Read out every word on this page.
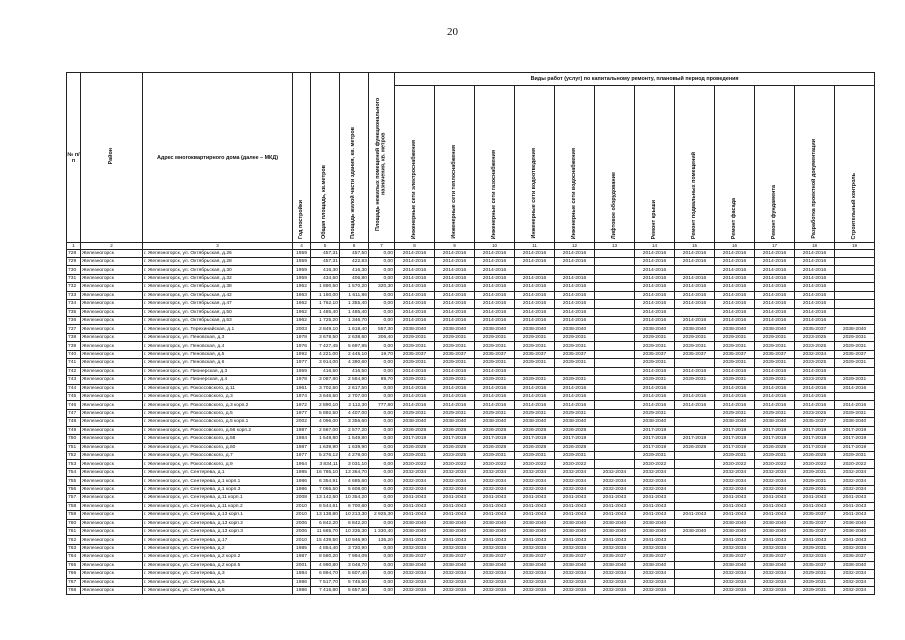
20
№ п/п	Район	Адрес многоквартирного дома (далее – МКД)	Год постройки	Общая площадь, кв.метров	Площадь жилой части здания, кв. метров	Площадь нежилых помещений функционального назначения, кв. метров	Виды работ (услуг) по капитальному ремонту, плановый период проведения											

							Инженерные сети электроснабжения	Инженерные сети теплоснабжения	Инженерные сети газоснабжения	Инженерные сети водоотведения	Инженерные сети водоснабжения	Лифтовое оборудование	Ремонт крыши	Ремонт подвальных помещений	Ремонт фасада	Ремонт фундамента	Разработка проектной документации	Строительный контроль

1	2	3	4	5	6	7	8	9	10	11	12	13	14	15	16	17	18	19
728	Железногорск	г. Железногорск, ул. Октябрьская, д.26	1959	457,31	457,50	0,00	2014-2016	2014-2016	2014-2016	2014-2016	2014-2016		2014-2016	2014-2016	2014-2016	2014-2016	2014-2016	
729	Железногорск	г. Железногорск, ул. Октябрьская, д.28	1959	457,31	422,83	0,00	2014-2016	2014-2016	2014-2016	2014-2016	2014-2016		2014-2016	2014-2016	2014-2016	2014-2016	2014-2016	
730	Железногорск	г. Железногорск, ул. Октябрьская, д.30	1959	416,30	416,30	0,00	2014-2016	2014-2016	2014-2016				2014-2016		2014-2016	2014-2016	2014-2016	
731	Железногорск	г. Железногорск, ул. Октябрьская, д.32	1959	434,50	406,80	0,00	2014-2016	2014-2016	2014-2016	2014-2016	2014-2016		2014-2016	2014-2016	2014-2016	2014-2016	2014-2016	
732	Железногорск	г. Железногорск, ул. Октябрьская, д.38	1962	1 890,50	1 570,20	320,30	2014-2016	2014-2016	2014-2016	2014-2016	2014-2016		2014-2016	2014-2016	2014-2016	2014-2016	2014-2016	
733	Железногорск	г. Железногорск, ул. Октябрьская, д.42	1963	1 150,00	1 611,86	0,00	2014-2016	2014-2016	2014-2016	2014-2016	2014-2016		2014-2016	2014-2016	2014-2016	2014-2016	2014-2016	
734	Железногорск	г. Железногорск, ул. Октябрьская, д.47	1962	1 762,10	1 355,40	0,00	2014-2016	2014-2016	2014-2016	2014-2016	2014-2016		2014-2016	2014-2016	2014-2016	2014-2016	2014-2016	
735	Железногорск	г. Железногорск, ул. Октябрьская, д.50	1962	1 485,40	1 485,40	0,00	2014-2016	2014-2016	2014-2016	2014-2016	2014-2016		2014-2016		2014-2016	2014-2016	2014-2016	
736	Железногорск	г. Железногорск, ул. Октябрьская, д.53	1962	1 725,20	1 346,70	0,00	2014-2016	2014-2016	2014-2016	2014-2016	2014-2016		2014-2016	2014-2016	2014-2016	2014-2016	2014-2016	
737	Железногорск	г. Железногорск, ул. Терехинайская, д.1	2003	2 849,10	1 618,40	557,30	2038-2040	2038-2040	2038-2040	2038-2040	2038-2040		2038-2040	2038-2040	2038-2040	2038-2040	2035-2037	2038-2040
738	Железногорск	г. Железногорск, ул. Пеновская, д.3	1978	3 678,50	2 638,60	306,40	2029-2031	2029-2031	2029-2031	2029-2031	2029-2031		2029-2031	2029-2031	2029-2031	2029-2031	2023-2025	2029-2031
739	Железногорск	г. Железногорск, ул. Пеновская, д.4	1976	7 427,45	5 697,85	0,00	2029-2031	2029-2031	2029-2031	2029-2031	2029-2031		2029-2031	2029-2031	2029-2031	2029-2031	2023-2025	2029-2031
740	Железногорск	г. Железногорск, ул. Пеновская, д.5	1992	4 221,00	2 445,10	19,70	2035-2037	2035-2037	2035-2037	2035-2037	2035-2037		2035-2037	2035-2037	2035-2037	2035-2037	2032-2034	2035-2037
741	Железногорск	г. Железногорск, ул. Пеновская, д.6	1977	3 914,00	4 390,60	0,00	2029-2031	2029-2031	2029-2031	2029-2031	2029-2031		2029-2031		2029-2031	2029-2031	2023-2025	2029-2031
742	Железногорск	г. Железногорск, ул. Пионерская, д.3	1959	416,50	416,50	0,00	2014-2016	2014-2016	2014-2016				2014-2016	2014-2016	2014-2016	2014-2016	2014-2016	
743	Железногорск	г. Железногорск, ул. Пионерская, д.4	1978	3 087,80	2 584,90	89,70	2029-2031	2029-2031	2029-2031	2029-2031	2029-2031		2029-2031	2029-2031	2029-2031	2029-2031	2023-2025	2029-2031
744	Железногорск	г. Железногорск, ул. Рокоссовского, д.11	1961	3 702,50	2 617,50	0,00	2014-2016	2014-2016	2014-2016	2014-2016	2014-2016		2014-2016		2014-2016	2014-2016	2014-2016	2014-2016
745	Железногорск	г. Железногорск, ул. Рокоссовского, д.3	1974	3 646,50	2 707,00	0,00	2014-2016	2014-2016	2014-2016	2014-2016	2014-2016		2014-2016	2014-2016	2014-2016	2014-2016	2014-2016	
746	Железногорск	г. Железногорск, ул. Рокоссовского, д.3 корп.2	1972	2 890,10	2 112,30	777,80	2014-2016	2014-2016	2014-2016	2014-2016	2014-2016		2014-2016	2014-2016	2014-2016	2014-2016	2014-2016	2014-2016
747	Железногорск	г. Железногорск, ул. Рокоссовского, д.5	1977	5 892,50	4 407,00	0,00	2029-2031	2029-2031	2029-2031	2029-2031	2029-2031		2029-2031		2029-2031	2029-2031	2023-2025	2029-2031
748	Железногорск	г. Железногорск, ул. Рокоссовского, д.5 корп.1	2002	4 096,00	3 356,60	0,00	2038-2040	2038-2040	2038-2040	2038-2040	2038-2040		2038-2040		2038-2040	2038-2040	2035-2037	2038-2040
749	Железногорск	г. Железногорск, ул. Рокоссовского, д.56 корп.2	1987	2 667,00	2 577,20	0,00	2026-2028	2026-2028	2026-2028	2026-2028	2026-2028		2017-2019		2017-2019	2017-2019	2017-2019	2017-2019
750	Железногорск	г. Железногорск, ул. Рокоссовского, д.58	1984	1 549,80	1 549,80	0,00	2017-2019	2017-2019	2017-2019	2017-2019	2017-2019		2017-2019	2017-2019	2017-2019	2017-2019	2017-2019	2017-2019
751	Железногорск	г. Железногорск, ул. Рокоссовского, д.60	1987	1 639,90	1 639,90	0,00	2026-2028	2026-2028	2026-2028	2026-2028	2026-2028		2017-2019	2026-2028	2017-2019	2026-2028	2017-2019	2017-2019
752	Железногорск	г. Железногорск, ул. Рокоссовского, д.7	1977	5 276,12	4 278,00	0,00	2029-2031	2023-2025	2029-2031	2029-2031	2029-2031		2029-2031		2029-2031	2029-2031	2026-2028	2029-2031
753	Железногорск	г. Железногорск, ул. Рокоссовского, д.9	1964	3 834,11	3 031,10	0,00	2020-2022	2020-2022	2020-2022	2020-2022	2020-2022		2020-2022		2020-2022	2020-2022	2020-2022	2020-2022
754	Железногорск	г. Железногорск, ул. Сентерева, д.1	1985	16 785,10	13 364,70	0,00	2032-2034	2032-2034	2032-2034	2032-2034	2032-2034	2032-2034	2032-2034		2032-2034	2032-2034	2029-2031	2032-2034
755	Железногорск	г. Железногорск, ул. Сентерева, д.1 корп.1	1986	6 354,91	4 685,60	0,00	2032-2034	2032-2034	2032-2034	2032-2034	2032-2034	2032-2034	2032-2034		2032-2034	2032-2034	2029-2031	2032-2034
756	Железногорск	г. Железногорск, ул. Сентерева, д.1 корп.3	1986	7 065,50	5 608,00	0,00	2032-2034	2032-2034	2032-2034	2032-2034	2032-2034	2032-2034	2032-2034		2032-2034	2032-2034	2029-2031	2032-2034
757	Железногорск	г. Железногорск, ул. Сентерева, д.11 корп.1	2008	13 142,50	10 354,20	0,00	2041-2043	2041-2043	2041-2043	2041-2043	2041-2043	2041-2043	2041-2043		2041-2043	2041-2043	2041-2043	2041-2043
758	Железногорск	г. Железногорск, ул. Сентерева, д.11 корп.2	2010	8 544,61	6 700,60	0,00	2041-2043	2041-2043	2041-2043	2041-2043	2041-2043	2041-2043	2041-2043		2041-2043	2041-2043	2041-2043	2041-2043
759	Железногорск	г. Железногорск, ул. Сентерева, д.13 корп.1	2010	13 138,80	10 213,30	2 925,30	2041-2043	2041-2043	2041-2043	2041-2043	2041-2043	2041-2043	2041-2043	2041-2043	2041-2043	2041-2043	2035-2037	2041-2043
760	Железногорск	г. Железногорск, ул. Сентерева, д.13 корп.2	2006	6 842,20	6 842,20	0,00	2038-2040	2038-2040	2038-2040	2038-2040	2038-2040	2038-2040	2038-2040		2038-2040	2038-2040	2035-2037	2038-2040
761	Железногорск	г. Железногорск, ул. Сентерева, д.13 корп.3	2006	11 665,70	10 335,30	1 330,40	2038-2040	2038-2040	2038-2040	2038-2040	2038-2040	2038-2040	2038-2040	2038-2040	2038-2040	2038-2040	2035-2037	2038-2040
762	Железногорск	г. Железногорск, ул. Сентерева, д.17	2010	15 439,50	10 946,90	136,20	2041-2043	2041-2043	2041-2043	2041-2043	2041-2043	2041-2043	2041-2043		2041-2043	2041-2043	2041-2043	2041-2043
763	Железногорск	г. Железногорск, ул. Сентерева, д.2	1985	4 854,40	3 720,90	0,00	2032-2034	2032-2034	2032-2034	2032-2034	2032-2034	2032-2034	2032-2034		2032-2034	2032-2034	2029-2031	2032-2034
764	Железногорск	г. Железногорск, ул. Сентерева, д.2 корп.2	1987	8 580,20	7 994,09	0,00	2035-2037	2035-2037	2035-2037	2035-2037	2035-2037	2035-2037	2035-2037		2035-2037	2035-2037	2032-2034	2035-2037
765	Железногорск	г. Железногорск, ул. Сентерева, д.2 корп.5	2001	4 990,80	3 048,70	0,00	2038-2040	2038-2040	2038-2040	2038-2040	2038-2040	2038-2040	2038-2040		2038-2040	2038-2040	2035-2037	2038-2040
766	Железногорск	г. Железногорск, ул. Сентерева, д.3	1984	6 894,70	5 607,40	0,00	2032-2034	2032-2034	2032-2034	2032-2034	2032-2034	2032-2034	2032-2034		2032-2034	2032-2034	2029-2031	2032-2034
767	Железногорск	г. Железногорск, ул. Сентерева, д.5	1986	7 517,70	5 745,50	0,00	2032-2034	2032-2034	2032-2034	2032-2034	2032-2034	2032-2034	2032-2034		2032-2034	2032-2034	2029-2031	2032-2034
768	Железногорск	г. Железногорск, ул. Сентерева, д.6	1986	7 415,80	5 657,50	0,00	2032-2034	2032-2034	2032-2034	2032-2034	2032-2034	2032-2034	2032-2034		2032-2034	2032-2034	2029-2031	2032-2034
